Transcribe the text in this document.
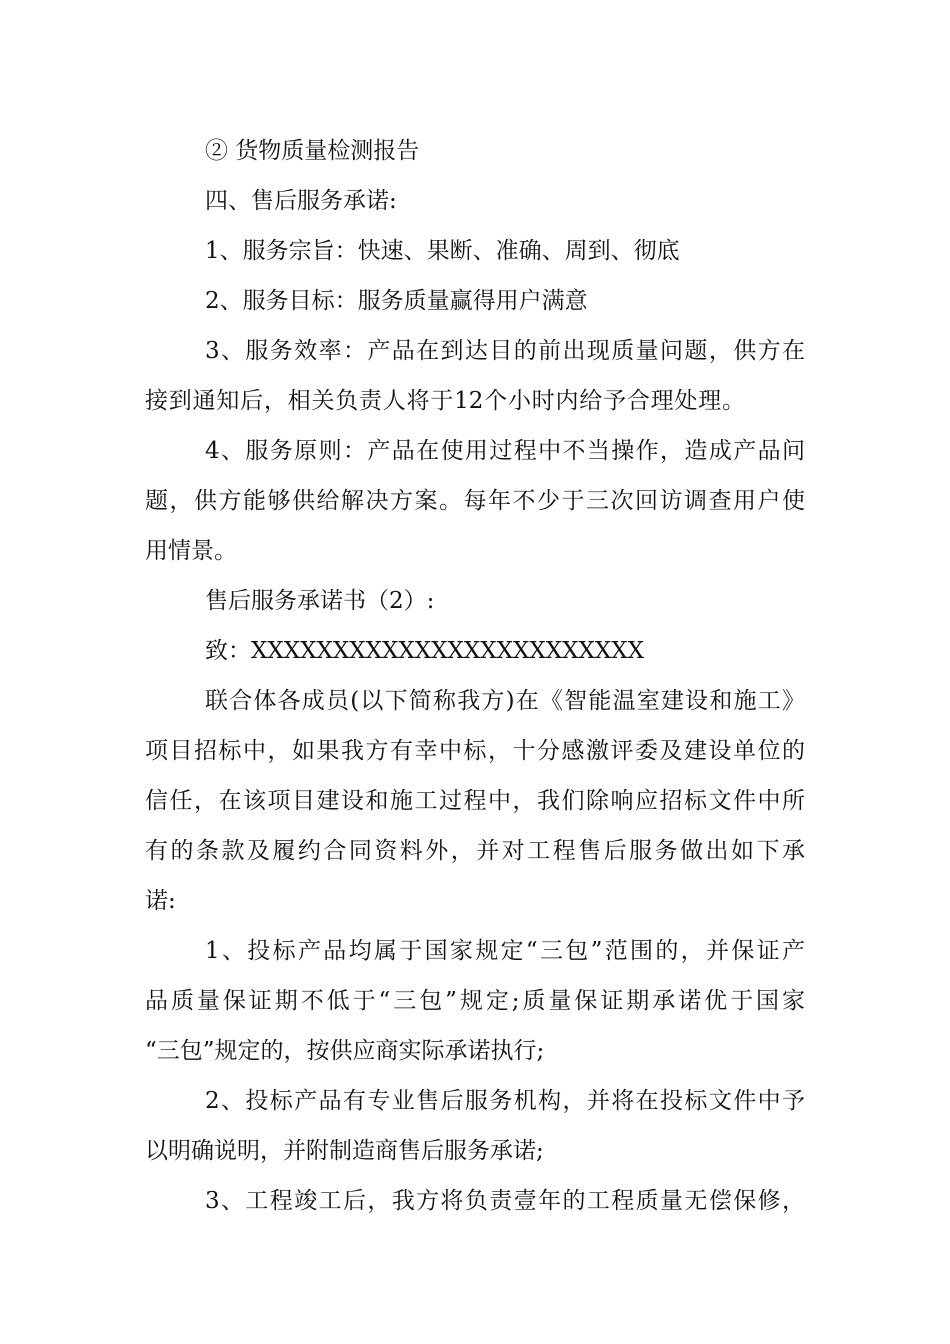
② 货物质量检测报告
四、售后服务承诺:
1、服务宗旨：快速、果断、准确、周到、彻底
2、服务目标：服务质量赢得用户满意
3、服务效率：产品在到达目的前出现质量问题，供方在
接到通知后，相关负责人将于12个小时内给予合理处理。
4、服务原则：产品在使用过程中不当操作，造成产品问
题，供方能够供给解决方案。每年不少于三次回访调查用户使
用情景。
售后服务承诺书（2）:
致：XXXXXXXXXXXXXXXXXXXXXXXX
联合体各成员(以下简称我方)在《智能温室建设和施工》
项目招标中，如果我方有幸中标，十分感激评委及建设单位的
信任，在该项目建设和施工过程中，我们除响应招标文件中所
有的条款及履约合同资料外，并对工程售后服务做出如下承
诺:
1、投标产品均属于国家规定“三包”范围的，并保证产
品质量保证期不低于“三包”规定;质量保证期承诺优于国家
“三包”规定的，按供应商实际承诺执行;
2、投标产品有专业售后服务机构，并将在投标文件中予
以明确说明，并附制造商售后服务承诺;
3、工程竣工后，我方将负责壹年的工程质量无偿保修，
